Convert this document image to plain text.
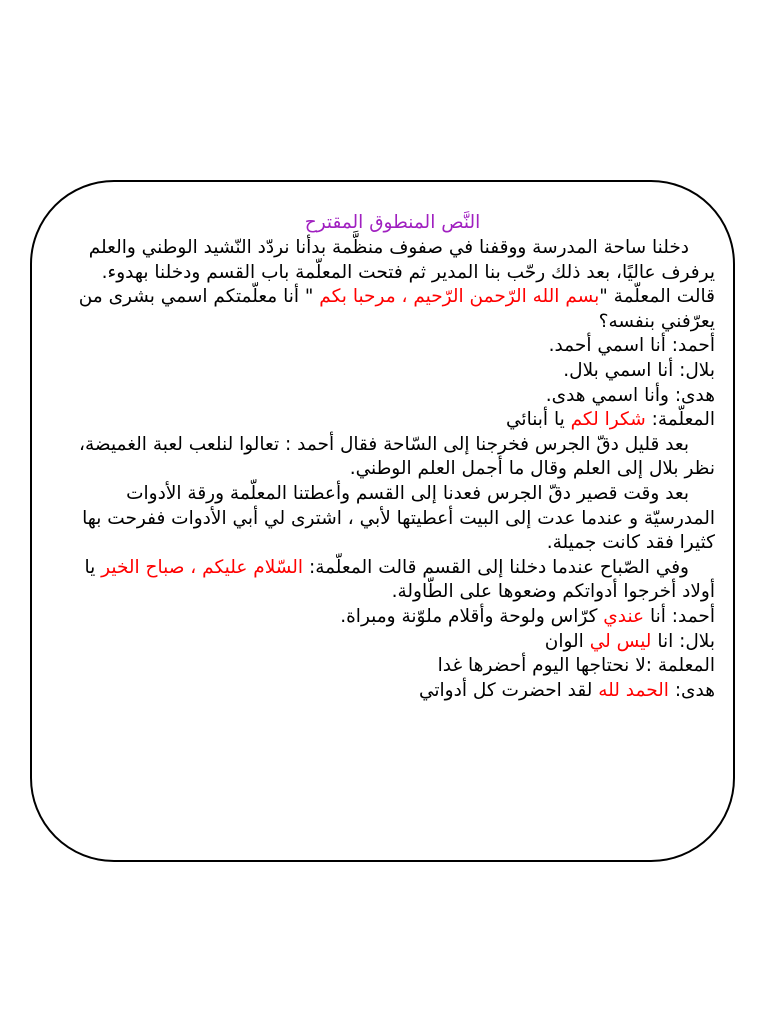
النَّص المنطوق المقترح

دخلنا ساحة المدرسة ووقفنا في صفوف منظَّمة بدأنا نردّد النّشيد الوطني والعلم يرفرف عاليًا، بعد ذلك رحّب بنا المدير ثم فتحت المعلّمة باب القسم ودخلنا بهدوء.

قالت المعلّمة "بسم الله الرّحمن الرّحيم ، مرحبا بكم " أنا معلّمتكم اسمي بشرى من يعرّفني بنفسه؟

أحمد: أنا اسمي أحمد.

بلال: أنا اسمي بلال.

هدى: وأنا اسمي هدى.

المعلّمة: شكرا لكم يا أبنائي

بعد قليل دقّ الجرس فخرجنا إلى السّاحة فقال أحمد : تعالوا لنلعب لعبة الغميضة، نظر بلال إلى العلم وقال ما أجمل العلم الوطني.

بعد وقت قصير دقّ الجرس فعدنا إلى القسم وأعطتنا المعلّمة ورقة الأدوات المدرسيّة و عندما عدت إلى البيت أعطيتها لأبي ، اشترى لي أبي الأدوات ففرحت بها كثيرا فقد كانت جميلة.

وفي الصّباح عندما دخلنا إلى القسم قالت المعلّمة: السّلام عليكم ، صباح الخير يا أولاد أخرجوا أدواتكم وضعوها على الطّاولة.

أحمد: أنا عندي كرّاس ولوحة وأقلام ملوّنة ومبراة.

بلال: انا ليس لي الوان

المعلمة :لا نحتاجها اليوم أحضرها غدا

هدى: الحمد لله لقد احضرت كل أدواتي
